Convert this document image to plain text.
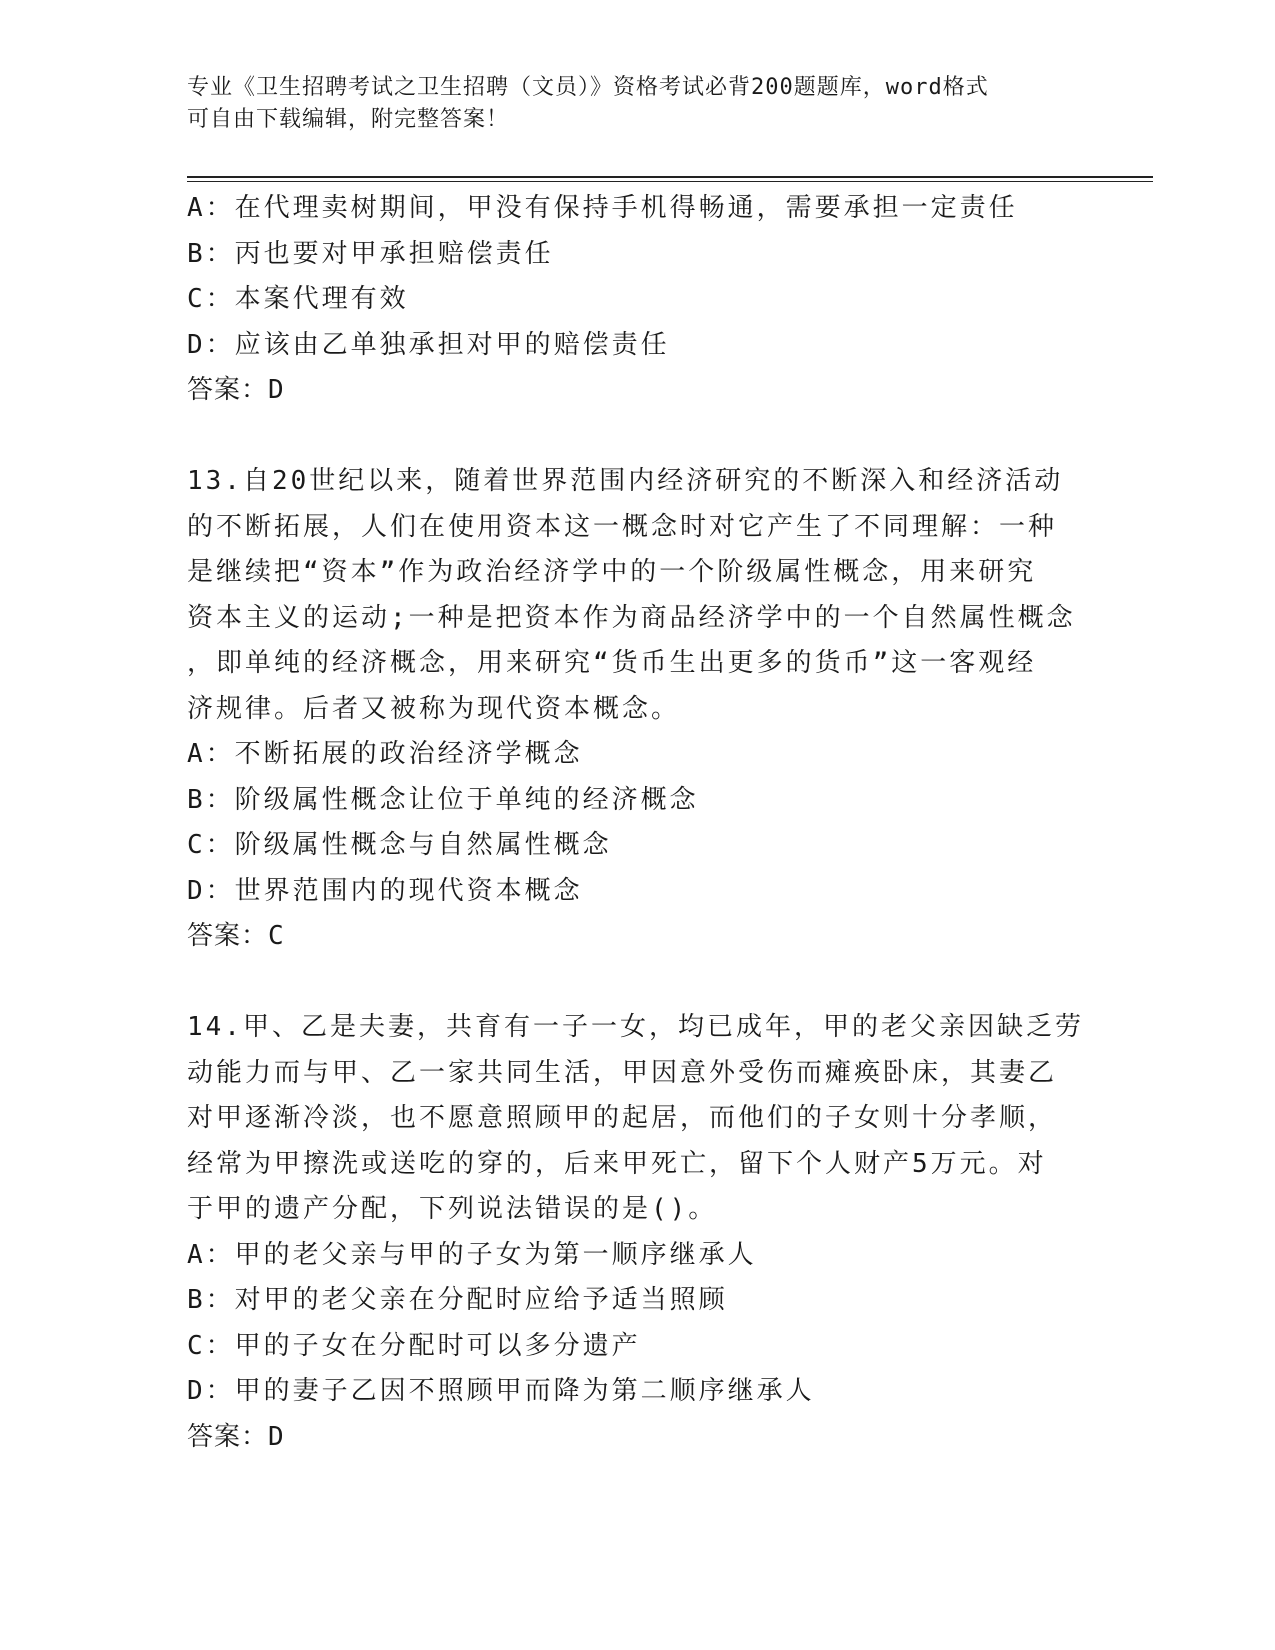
专业《卫生招聘考试之卫生招聘（文员）》资格考试必背200题题库，word格式
可自由下载编辑，附完整答案！
A：在代理卖树期间，甲没有保持手机得畅通，需要承担一定责任
B：丙也要对甲承担赔偿责任
C：本案代理有效
D：应该由乙单独承担对甲的赔偿责任
答案：D
13.自20世纪以来，随着世界范围内经济研究的不断深入和经济活动
的不断拓展，人们在使用资本这一概念时对它产生了不同理解：一种
是继续把“资本”作为政治经济学中的一个阶级属性概念，用来研究
资本主义的运动;一种是把资本作为商品经济学中的一个自然属性概念
，即单纯的经济概念，用来研究“货币生出更多的货币”这一客观经
济规律。后者又被称为现代资本概念。
A：不断拓展的政治经济学概念
B：阶级属性概念让位于单纯的经济概念
C：阶级属性概念与自然属性概念
D：世界范围内的现代资本概念
答案：C
14.甲、乙是夫妻，共育有一子一女，均已成年，甲的老父亲因缺乏劳
动能力而与甲、乙一家共同生活，甲因意外受伤而瘫痪卧床，其妻乙
对甲逐渐冷淡，也不愿意照顾甲的起居，而他们的子女则十分孝顺，
经常为甲擦洗或送吃的穿的，后来甲死亡，留下个人财产5万元。对
于甲的遗产分配，下列说法错误的是()。
A：甲的老父亲与甲的子女为第一顺序继承人
B：对甲的老父亲在分配时应给予适当照顾
C：甲的子女在分配时可以多分遗产
D：甲的妻子乙因不照顾甲而降为第二顺序继承人
答案：D
